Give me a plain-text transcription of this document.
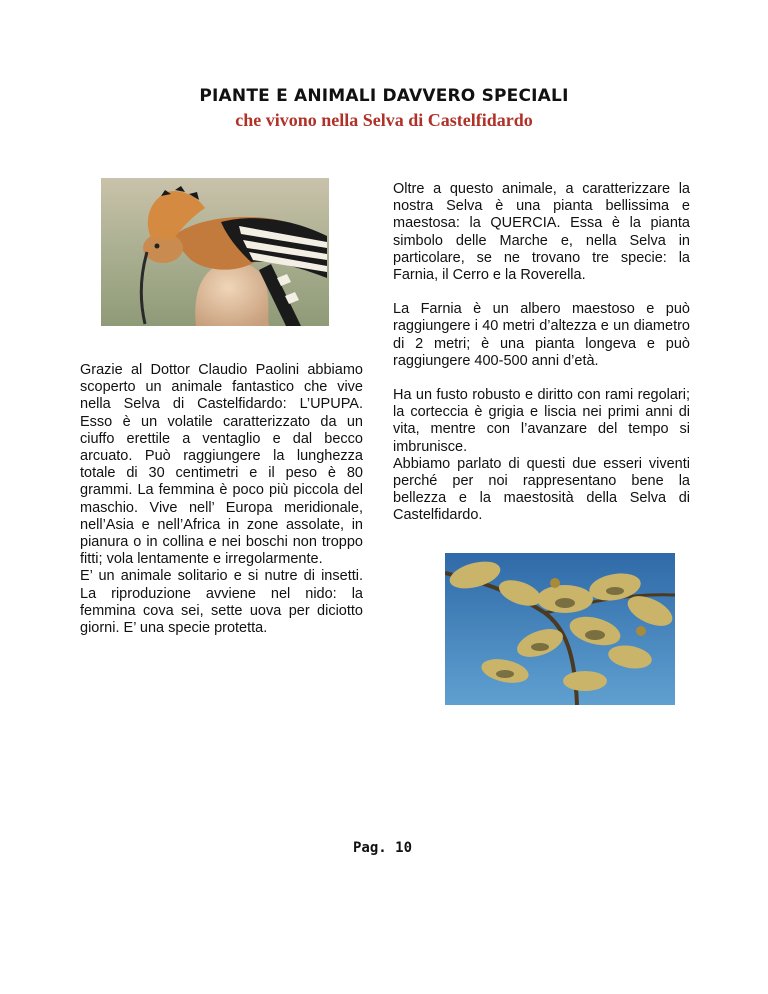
PIANTE E ANIMALI DAVVERO SPECIALI
che vivono nella Selva di Castelfidardo

Grazie al Dottor Claudio Paolini abbiamo scoperto un animale fantastico che vive nella Selva di Castelfidardo: L’UPUPA. Esso è un volatile caratterizzato da un ciuffo erettile a ventaglio e dal becco arcuato. Può raggiungere la lunghezza totale di 30 centimetri e il peso è 80 grammi. La femmina è poco più piccola del maschio. Vive nell’ Europa meridionale, nell’Asia e nell’Africa in zone assolate, in pianura o in collina e nei boschi non troppo fitti; vola lentamente e irregolarmente.

E’ un animale solitario e si nutre di insetti. La riproduzione avviene nel nido: la femmina cova sei, sette uova per diciotto giorni. E’ una specie protetta.

Oltre a questo animale, a caratterizzare la nostra Selva è una pianta bellissima e maestosa: la QUERCIA. Essa è la pianta simbolo delle Marche e, nella Selva in particolare, se ne trovano tre specie: la Farnia, il Cerro e la Roverella.

La Farnia è un albero maestoso e può raggiungere i 40 metri d’altezza e un diametro di 2 metri; è una pianta longeva e può raggiungere 400-500 anni d’età.

Ha un fusto robusto e diritto con rami regolari; la corteccia è grigia e liscia nei primi anni di vita, mentre con l’avanzare del tempo si imbrunisce.

Abbiamo parlato di questi due esseri viventi perché per noi rappresentano bene la bellezza e la maestosità della Selva di Castelfidardo.

Pag. 10
